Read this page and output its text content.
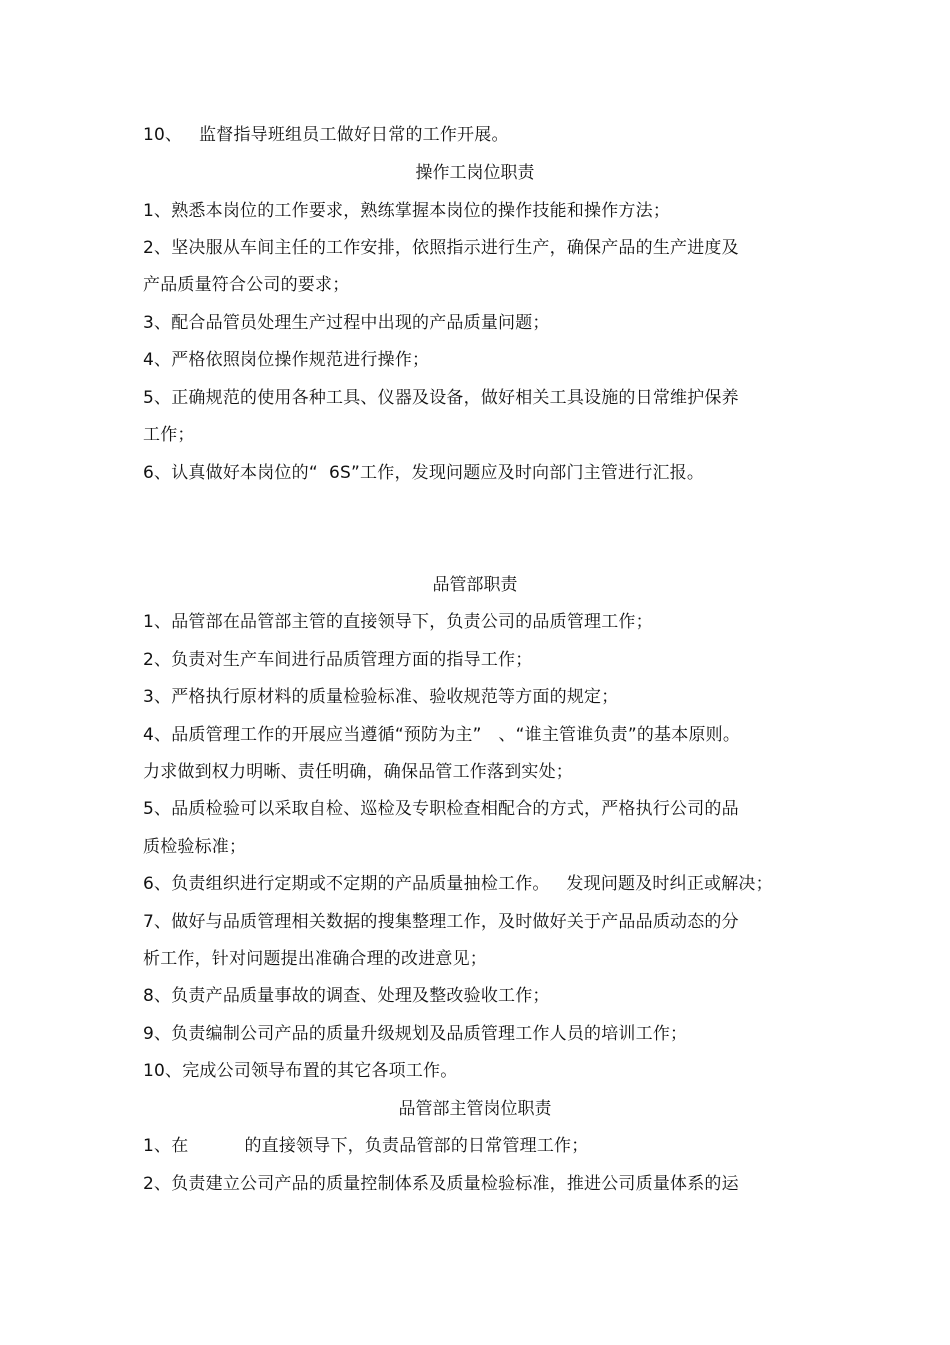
10、   监督指导班组员工做好日常的工作开展。
操作工岗位职责
1、熟悉本岗位的工作要求，熟练掌握本岗位的操作技能和操作方法；
2、坚决服从车间主任的工作安排，依照指示进行生产，确保产品的生产进度及
产品质量符合公司的要求；
3、配合品管员处理生产过程中出现的产品质量问题；
4、严格依照岗位操作规范进行操作；
5、正确规范的使用各种工具、仪器及设备，做好相关工具设施的日常维护保养
工作；
6、认真做好本岗位的“  6S”工作，发现问题应及时向部门主管进行汇报。
品管部职责
1、品管部在品管部主管的直接领导下，负责公司的品质管理工作；
2、负责对生产车间进行品质管理方面的指导工作；
3、严格执行原材料的质量检验标准、验收规范等方面的规定；
4、品质管理工作的开展应当遵循“预防为主”   、“谁主管谁负责”的基本原则。
力求做到权力明晰、责任明确，确保品管工作落到实处；
5、品质检验可以采取自检、巡检及专职检查相配合的方式，严格执行公司的品
质检验标准；
6、负责组织进行定期或不定期的产品质量抽检工作。   发现问题及时纠正或解决；
7、做好与品质管理相关数据的搜集整理工作，及时做好关于产品品质动态的分
析工作，针对问题提出准确合理的改进意见；
8、负责产品质量事故的调查、处理及整改验收工作；
9、负责编制公司产品的质量升级规划及品质管理工作人员的培训工作；
10、完成公司领导布置的其它各项工作。
品管部主管岗位职责
1、在          的直接领导下，负责品管部的日常管理工作；
2、负责建立公司产品的质量控制体系及质量检验标准，推进公司质量体系的运
